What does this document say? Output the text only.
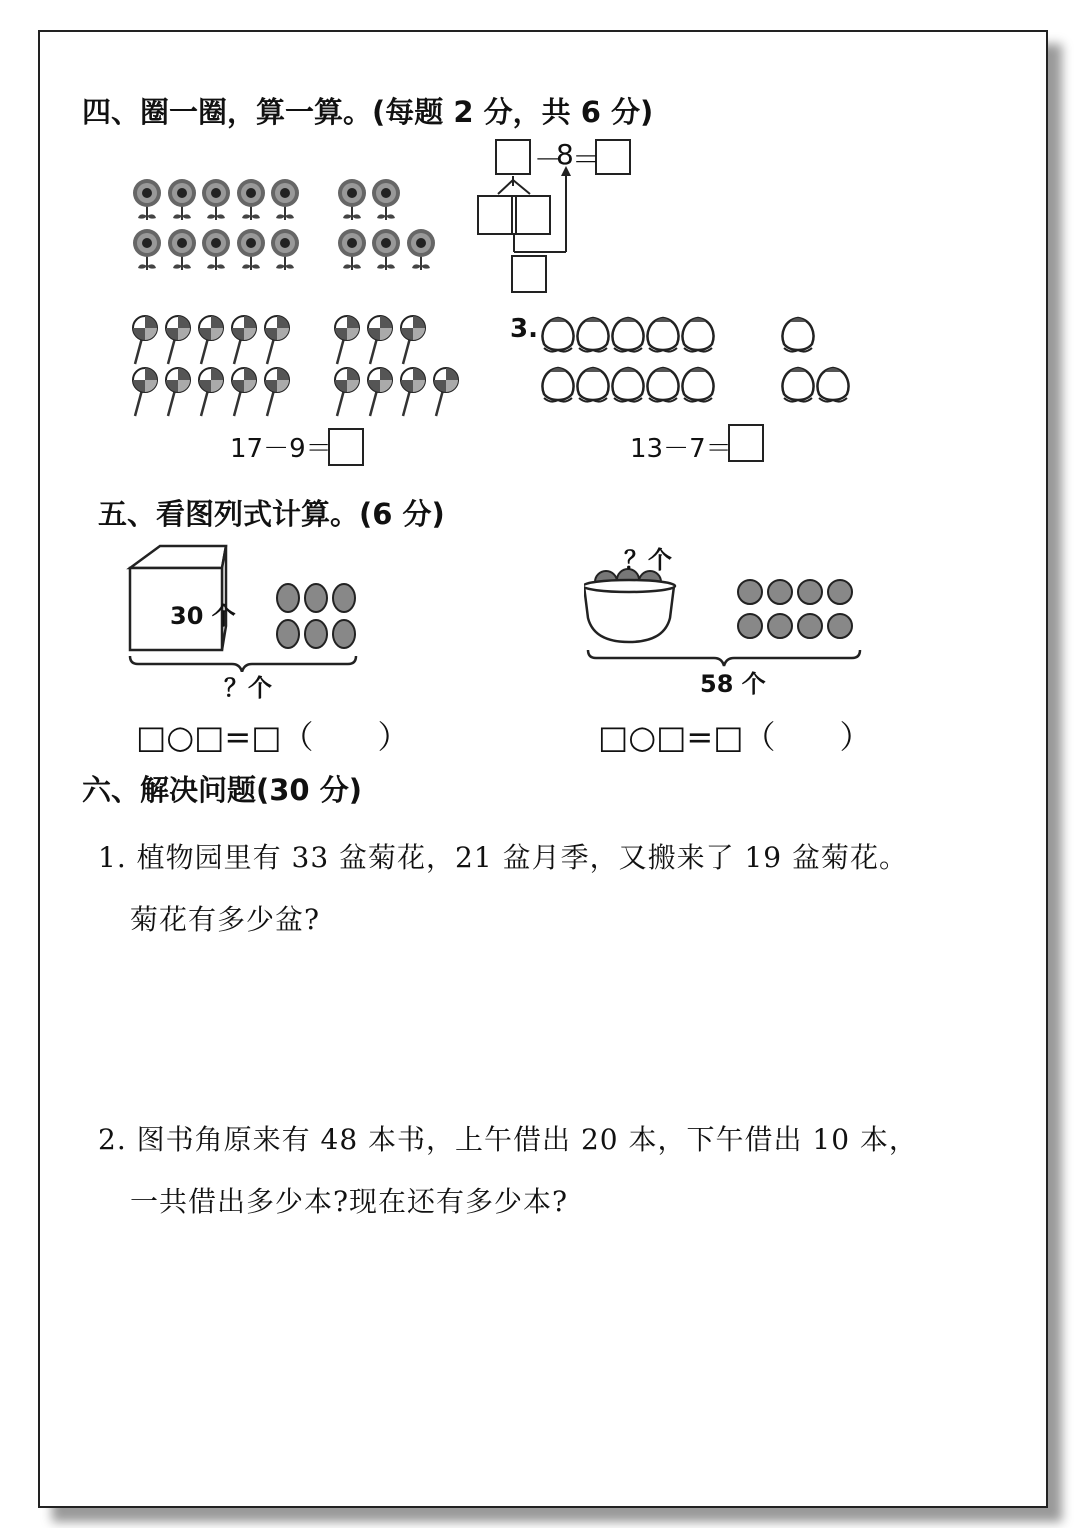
四、圈一圈，算一算。(每题 2 分，共 6 分)
－
8
＝
3.
17－9＝	13－7＝
五、看图列式计算。(6 分)
30 个
？个
？个
58 个
□○□=□（　　）	□○□=□（　　）
六、解决问题(30 分)
1. 植物园里有 33 盆菊花，21 盆月季，又搬来了 19 盆菊花。
菊花有多少盆?
2. 图书角原来有 48 本书，上午借出 20 本，下午借出 10 本，
一共借出多少本?现在还有多少本?
